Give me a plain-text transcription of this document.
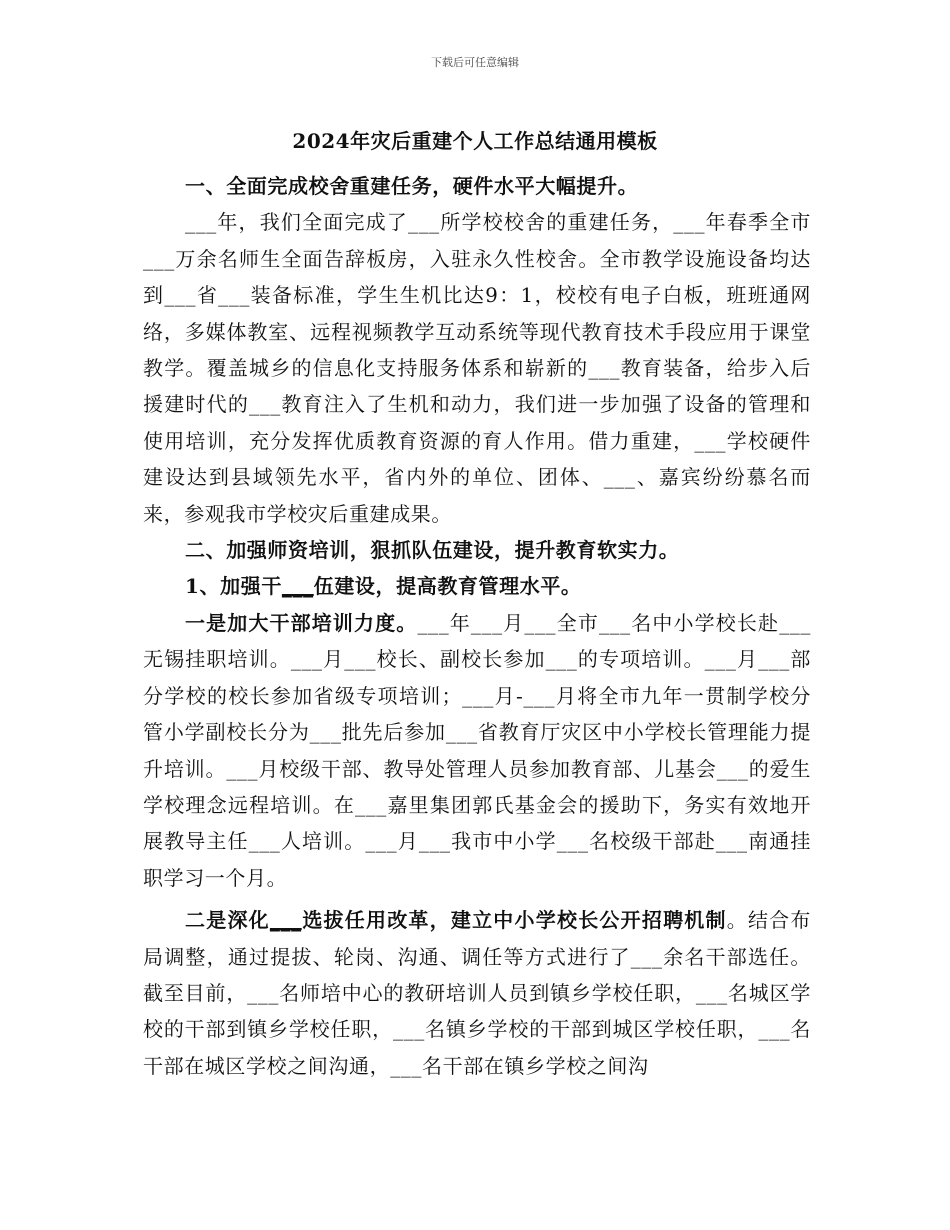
下载后可任意编辑
2024年灾后重建个人工作总结通用模板

一、全面完成校舍重建任务，硬件水平大幅提升。

___年，我们全面完成了___所学校校舍的重建任务，___年春季全市___万余名师生全面告辞板房，入驻永久性校舍。全市教学设施设备均达到___省___装备标准，学生生机比达9：1，校校有电子白板，班班通网络，多媒体教室、远程视频教学互动系统等现代教育技术手段应用于课堂教学。覆盖城乡的信息化支持服务体系和崭新的___教育装备，给步入后援建时代的___教育注入了生机和动力，我们进一步加强了设备的管理和使用培训，充分发挥优质教育资源的育人作用。借力重建，___学校硬件建设达到县域领先水平，省内外的单位、团体、___、嘉宾纷纷慕名而来，参观我市学校灾后重建成果。

二、加强师资培训，狠抓队伍建设，提升教育软实力。

1、加强干___伍建设，提高教育管理水平。

一是加大干部培训力度。___年___月___全市___名中小学校长赴___无锡挂职培训。___月___校长、副校长参加___的专项培训。___月___部分学校的校长参加省级专项培训；___月-___月将全市九年一贯制学校分管小学副校长分为___批先后参加___省教育厅灾区中小学校长管理能力提升培训。___月校级干部、教导处管理人员参加教育部、儿基会___的爱生学校理念远程培训。在___嘉里集团郭氏基金会的援助下，务实有效地开展教导主任___人培训。___月___我市中小学___名校级干部赴___南通挂职学习一个月。

二是深化___选拔任用改革，建立中小学校长公开招聘机制。结合布局调整，通过提拔、轮岗、沟通、调任等方式进行了___余名干部选任。截至目前，___名师培中心的教研培训人员到镇乡学校任职，___名城区学校的干部到镇乡学校任职，___名镇乡学校的干部到城区学校任职，___名干部在城区学校之间沟通，___名干部在镇乡学校之间沟
